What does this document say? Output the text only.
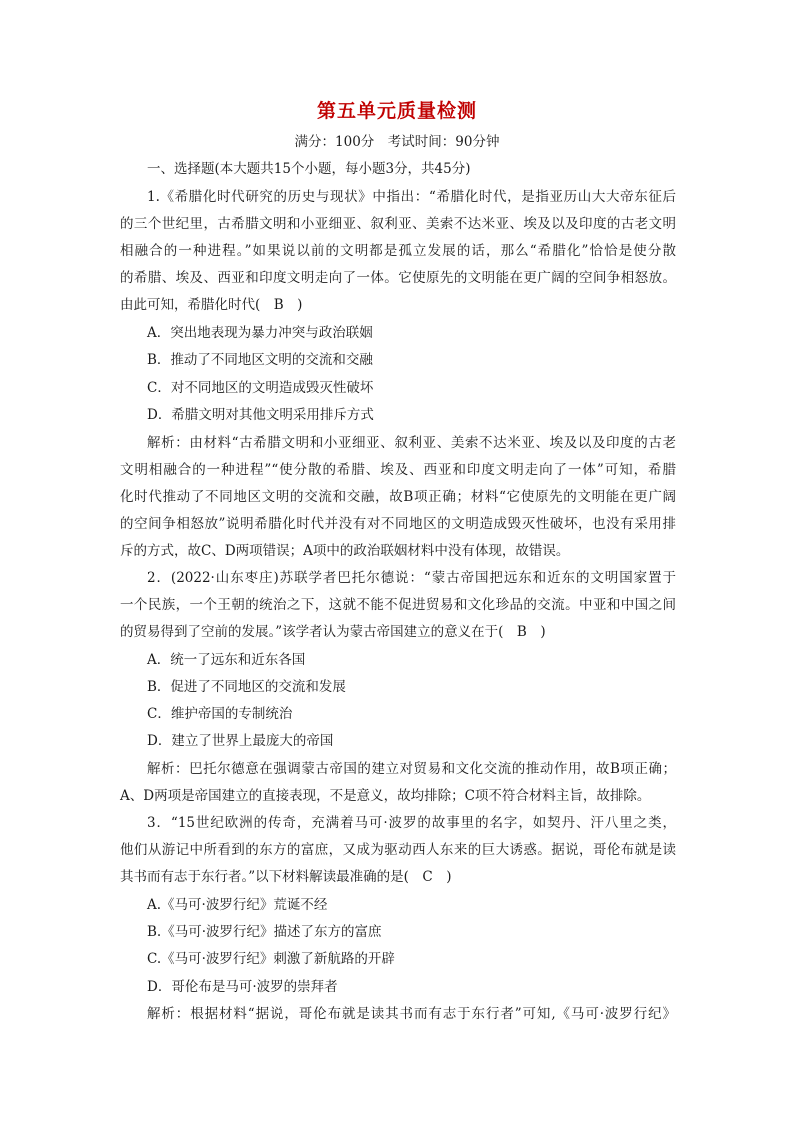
第五单元质量检测
满分：100分　考试时间：90分钟
一、选择题(本大题共15个小题，每小题3分，共45分)
1.《希腊化时代研究的历史与现状》中指出：“希腊化时代，是指亚历山大大帝东征后
的三个世纪里，古希腊文明和小亚细亚、叙利亚、美索不达米亚、埃及以及印度的古老文明
相融合的一种进程。”如果说以前的文明都是孤立发展的话，那么“希腊化”恰恰是使分散
的希腊、埃及、西亚和印度文明走向了一体。它使原先的文明能在更广阔的空间争相怒放。
由此可知，希腊化时代(　B　)
A．突出地表现为暴力冲突与政治联姻
B．推动了不同地区文明的交流和交融
C．对不同地区的文明造成毁灭性破坏
D．希腊文明对其他文明采用排斥方式
解析：由材料“古希腊文明和小亚细亚、叙利亚、美索不达米亚、埃及以及印度的古老
文明相融合的一种进程”“使分散的希腊、埃及、西亚和印度文明走向了一体”可知，希腊
化时代推动了不同地区文明的交流和交融，故B项正确；材料“它使原先的文明能在更广阔
的空间争相怒放”说明希腊化时代并没有对不同地区的文明造成毁灭性破坏，也没有采用排
斥的方式，故C、D两项错误；A项中的政治联姻材料中没有体现，故错误。
2．(2022·山东枣庄)苏联学者巴托尔德说：“蒙古帝国把远东和近东的文明国家置于
一个民族，一个王朝的统治之下，这就不能不促进贸易和文化珍品的交流。中亚和中国之间
的贸易得到了空前的发展。”该学者认为蒙古帝国建立的意义在于(　B　)
A．统一了远东和近东各国
B．促进了不同地区的交流和发展
C．维护帝国的专制统治
D．建立了世界上最庞大的帝国
解析：巴托尔德意在强调蒙古帝国的建立对贸易和文化交流的推动作用，故B项正确；
A、D两项是帝国建立的直接表现，不是意义，故均排除；C项不符合材料主旨，故排除。
3．“15世纪欧洲的传奇，充满着马可·波罗的故事里的名字，如契丹、汗八里之类，
他们从游记中所看到的东方的富庶，又成为驱动西人东来的巨大诱惑。据说，哥伦布就是读
其书而有志于东行者。”以下材料解读最准确的是(　C　)
A.《马可·波罗行纪》荒诞不经
B.《马可·波罗行纪》描述了东方的富庶
C.《马可·波罗行纪》刺激了新航路的开辟
D．哥伦布是马可·波罗的崇拜者
解析：根据材料“据说，哥伦布就是读其书而有志于东行者”可知,《马可·波罗行纪》
